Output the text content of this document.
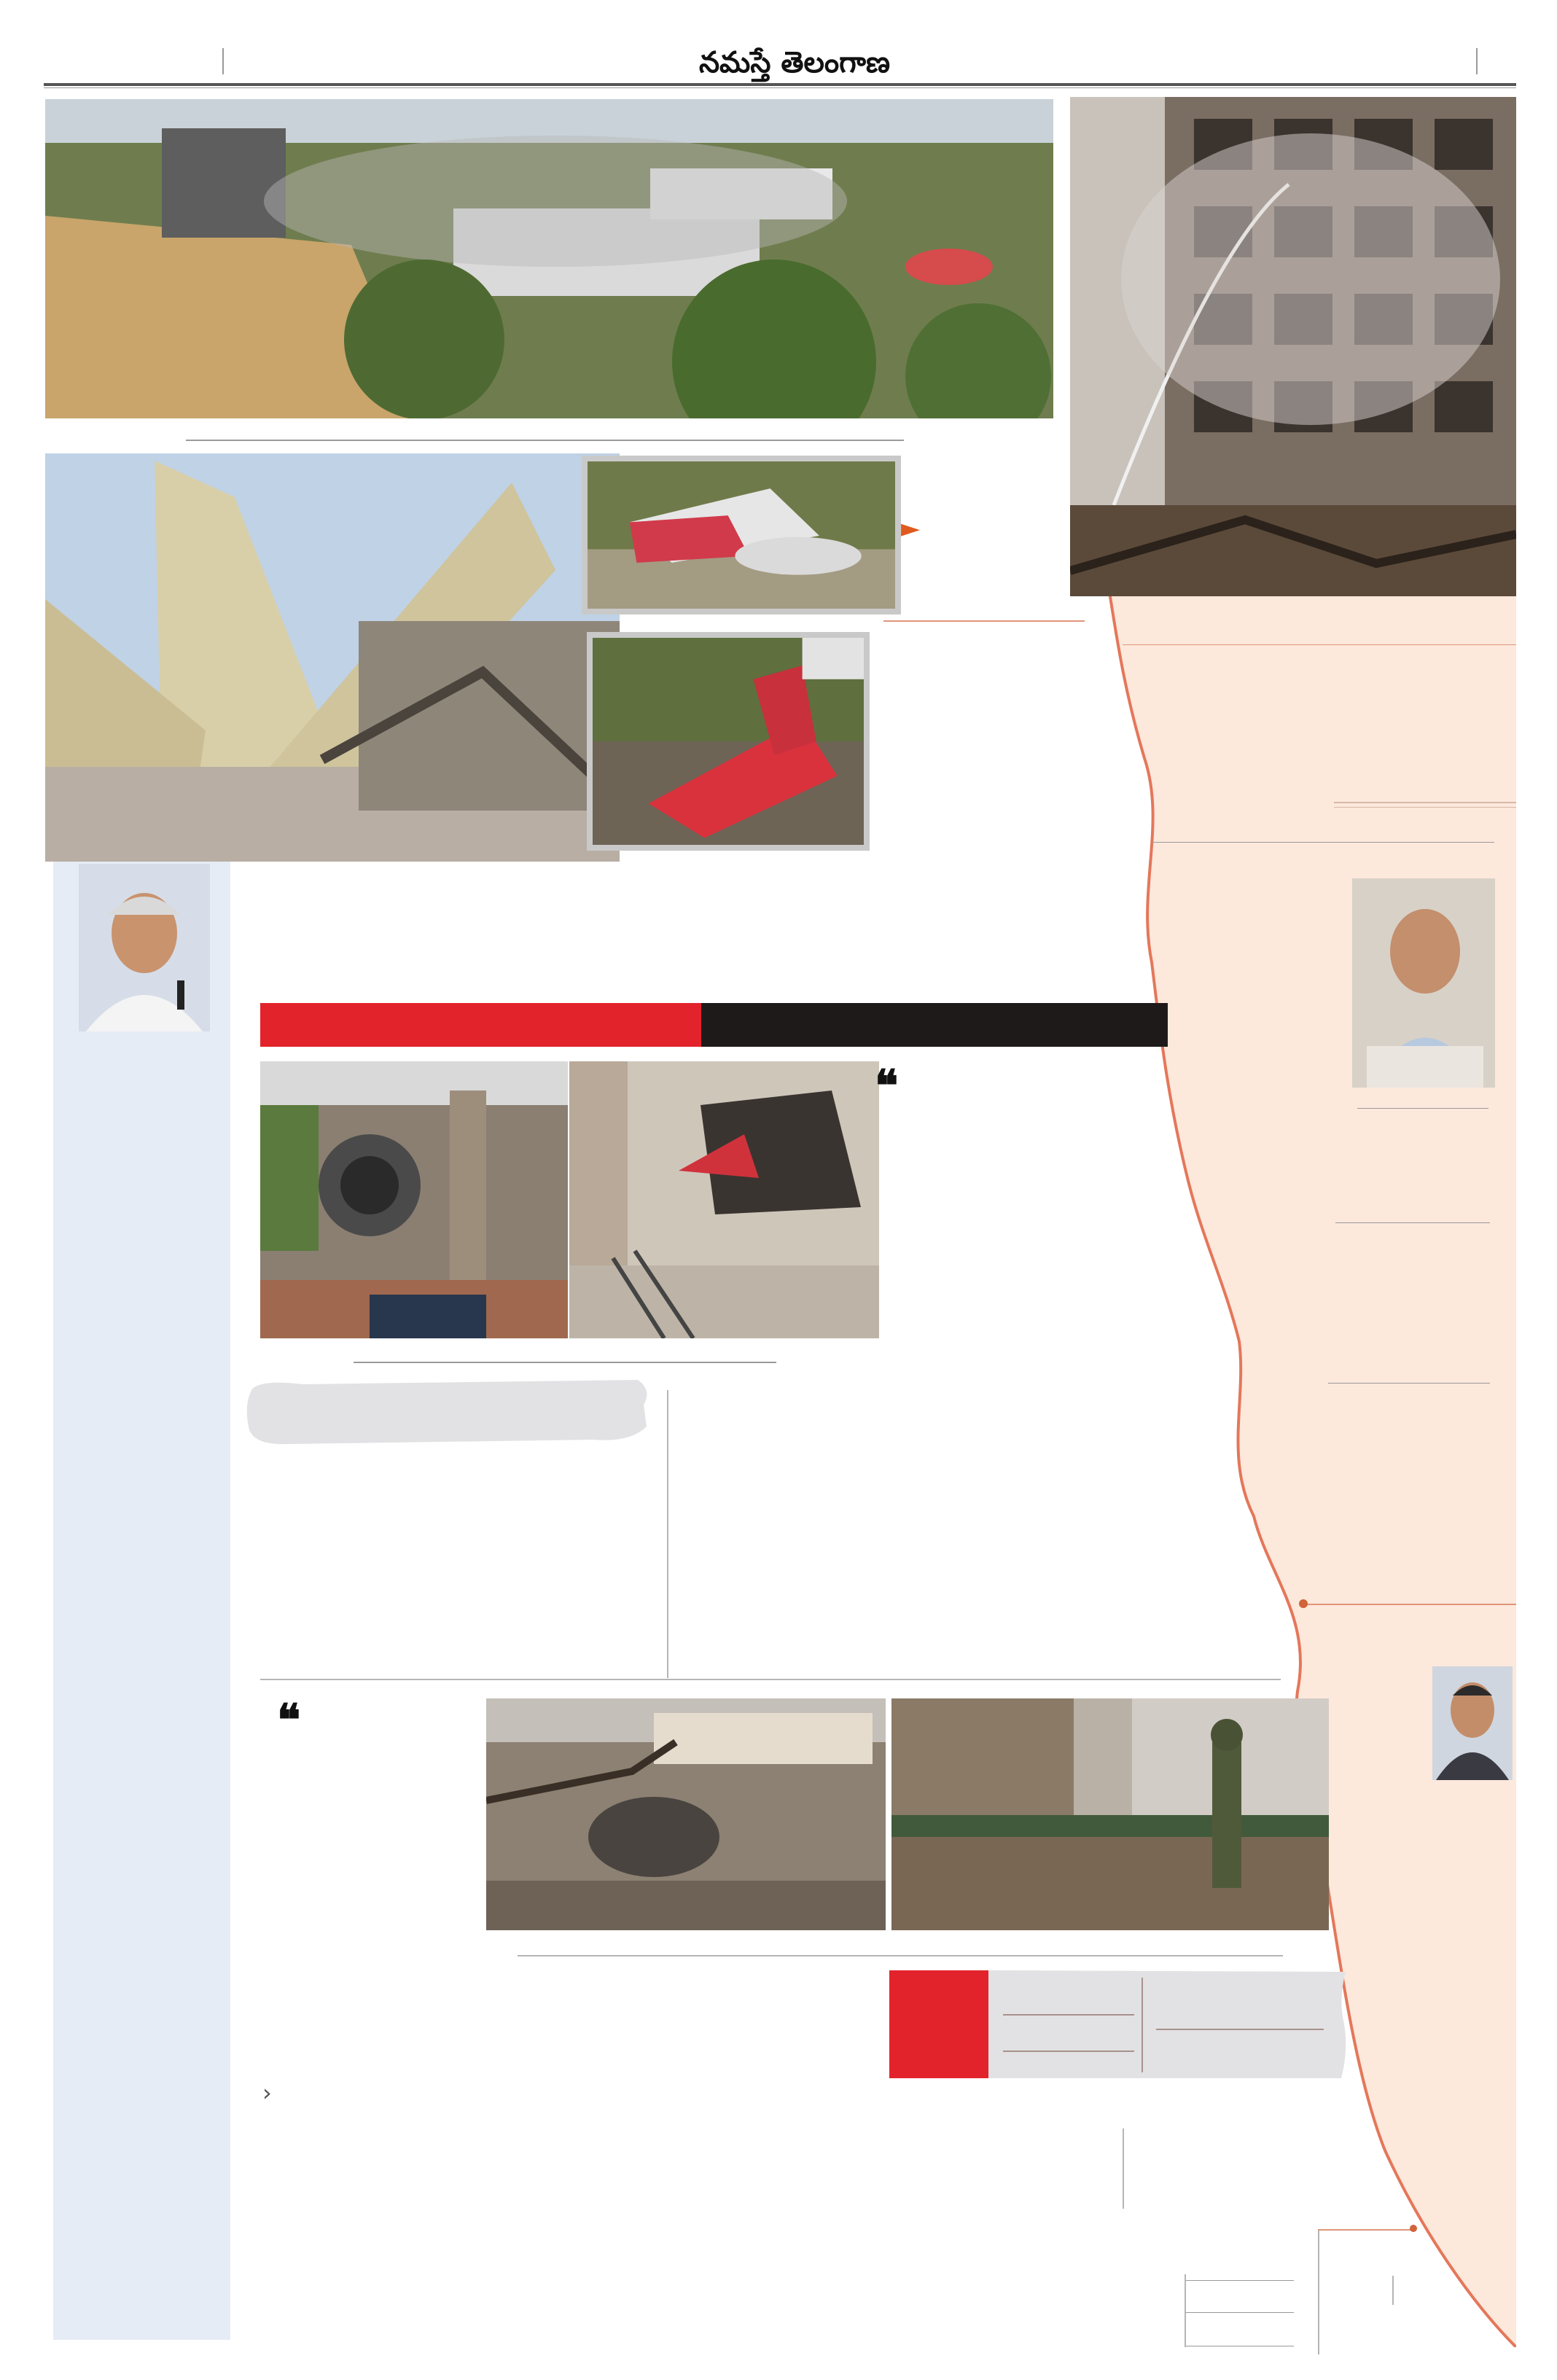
నమస్తే తెలంగాణ
►
❝
❝
›
